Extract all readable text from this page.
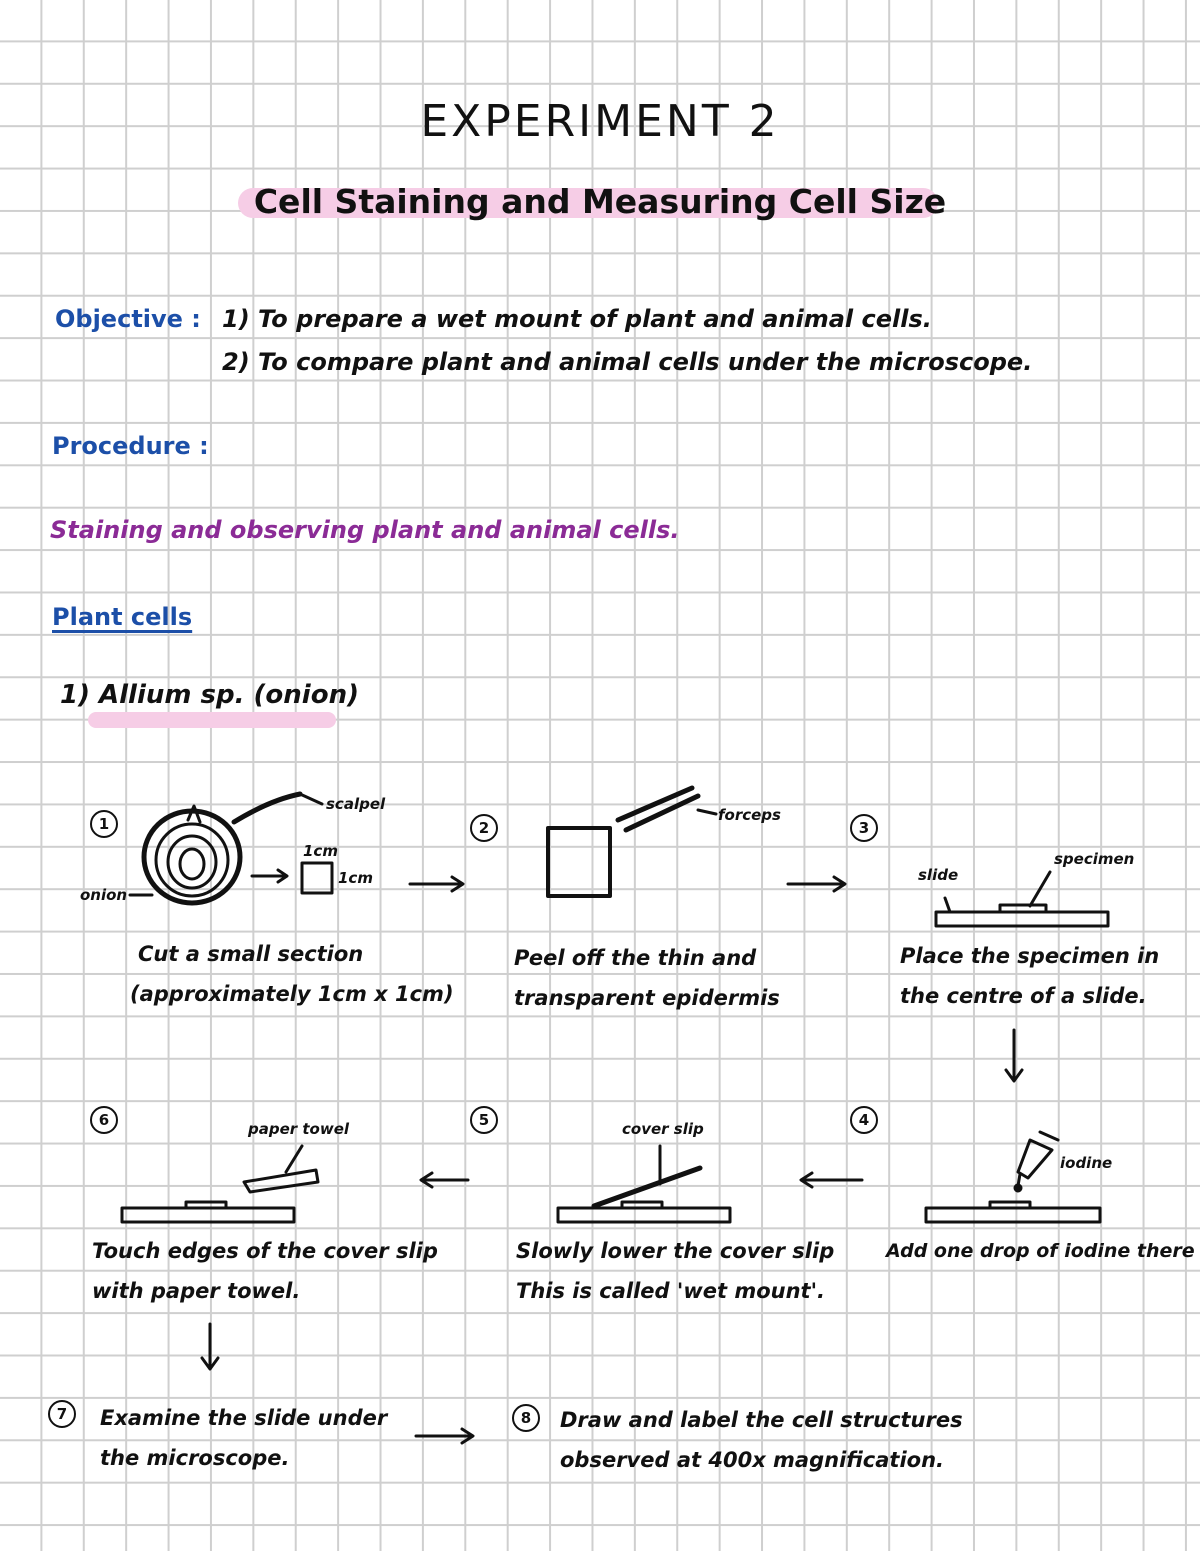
EXPERIMENT 2
Cell Staining and Measuring Cell Size
Objective : 1) To prepare a wet mount of plant and animal cells.
2) To compare plant and animal cells under the microscope.
Procedure :
Staining and observing plant and animal cells.
Plant cells
1) Allium sp. (onion)
1	2	3
4
5
6
7	8
scalpel
onion
1cm
1cm
forceps
slide
specimen
iodine
cover slip
paper towel
Cut a small section
(approximately 1cm x 1cm)
Peel off the thin and
transparent epidermis
Place the specimen in
the centre of a slide.
Add one drop of iodine there
Slowly lower the cover slip
This is called 'wet mount'.
Touch edges of the cover slip
with paper towel.
Examine the slide under
the microscope.
Draw and label the cell structures
observed at 400x magnification.
